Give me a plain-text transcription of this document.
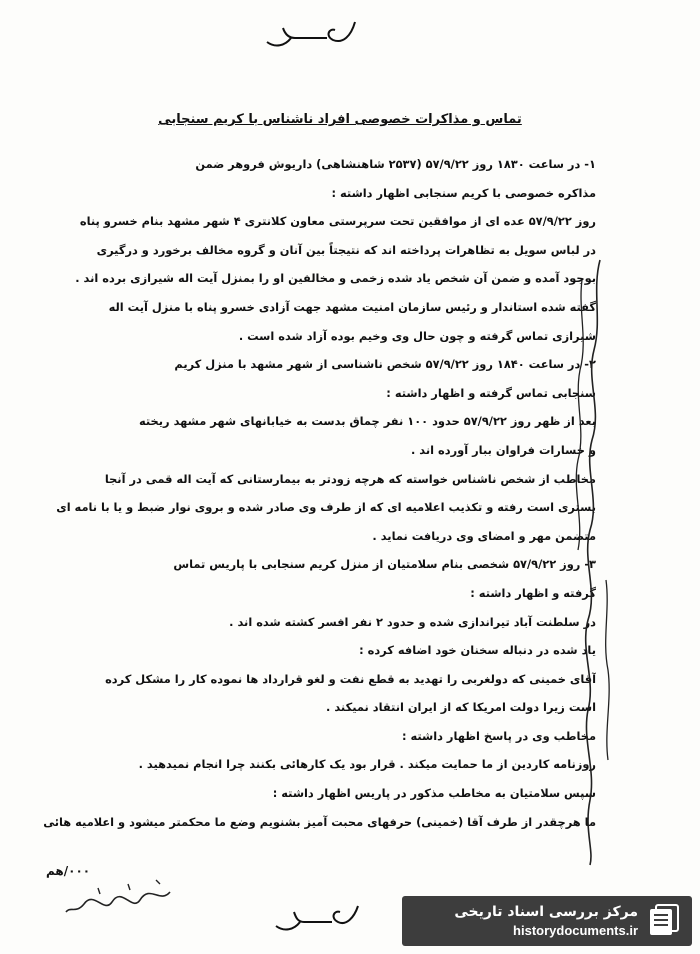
تماس و مذاکرات خصوصی افراد ناشناس با کریم سنجابی
۱- در ساعت ۱۸۳۰ روز ۵۷/۹/۲۲ (۲۵۳۷ شاهنشاهی) داریوش فروهر ضمن
مذاکره خصوصی با کریم سنجابی اظهار داشته :
روز ۵۷/۹/۲۲ عده ای از موافقین تحت سرپرستی معاون کلانتری ۴ شهر مشهد بنام خسرو پناه
در لباس سویل به تظاهرات پرداخته اند که نتیجتاً بین آنان و گروه مخالف برخورد و درگیری
بوجود آمده و ضمن آن شخص یاد شده زخمی و مخالفین او را بمنزل آیت اله شیرازی برده اند .
گفته شده استاندار و رئیس سازمان امنیت مشهد جهت آزادی خسرو پناه با منزل آیت اله
شیرازی تماس گرفته و چون حال وی وخیم بوده آزاد شده است .
۲- در ساعت ۱۸۴۰ روز ۵۷/۹/۲۲ شخص ناشناسی از شهر مشهد با منزل کریم
سنجابی تماس گرفته و اظهار داشته :
بعد از ظهر روز ۵۷/۹/۲۲ حدود ۱۰۰ نفر چماق بدست به خیابانهای شهر مشهد ریخته
و خسارات فراوان ببار آورده اند .
مخاطب از شخص ناشناس خواسته که هرچه زودتر به بیمارستانی که آیت اله قمی در آنجا
بستری است رفته و تکذیب اعلامیه ای که از طرف وی صادر شده و بروی نوار ضبط و یا با نامه ای
متضمن مهر و امضای وی دریافت نماید .
۳- روز ۵۷/۹/۲۲ شخصی بنام سلامتیان از منزل کریم سنجابی با پاریس تماس
گرفته و اظهار داشته :
در سلطنت آباد تیراندازی شده و حدود ۲ نفر افسر کشته شده اند .
یاد شده در دنباله سخنان خود اضافه کرده :
آقای خمینی که دولغربی را تهدید به قطع نفت و لغو قرارداد ها نموده کار را مشکل کرده
است زیرا دولت امریکا که از ایران انتقاد نمیکند .
مخاطب وی در پاسخ اظهار داشته :
روزنامه کاردین از ما حمایت میکند . قرار بود یک کارهائی بکنند چرا انجام نمیدهید .
سپس سلامتیان به مخاطب مذکور در پاریس اظهار داشته :
ما هرچقدر از طرف آقا (خمینی) حرفهای محبت آمیز بشنویم وضع ما محکمتر میشود و اعلامیه هائی
۰۰۰/هم
مرکز بررسی اسناد تاریخی
historydocuments.ir
